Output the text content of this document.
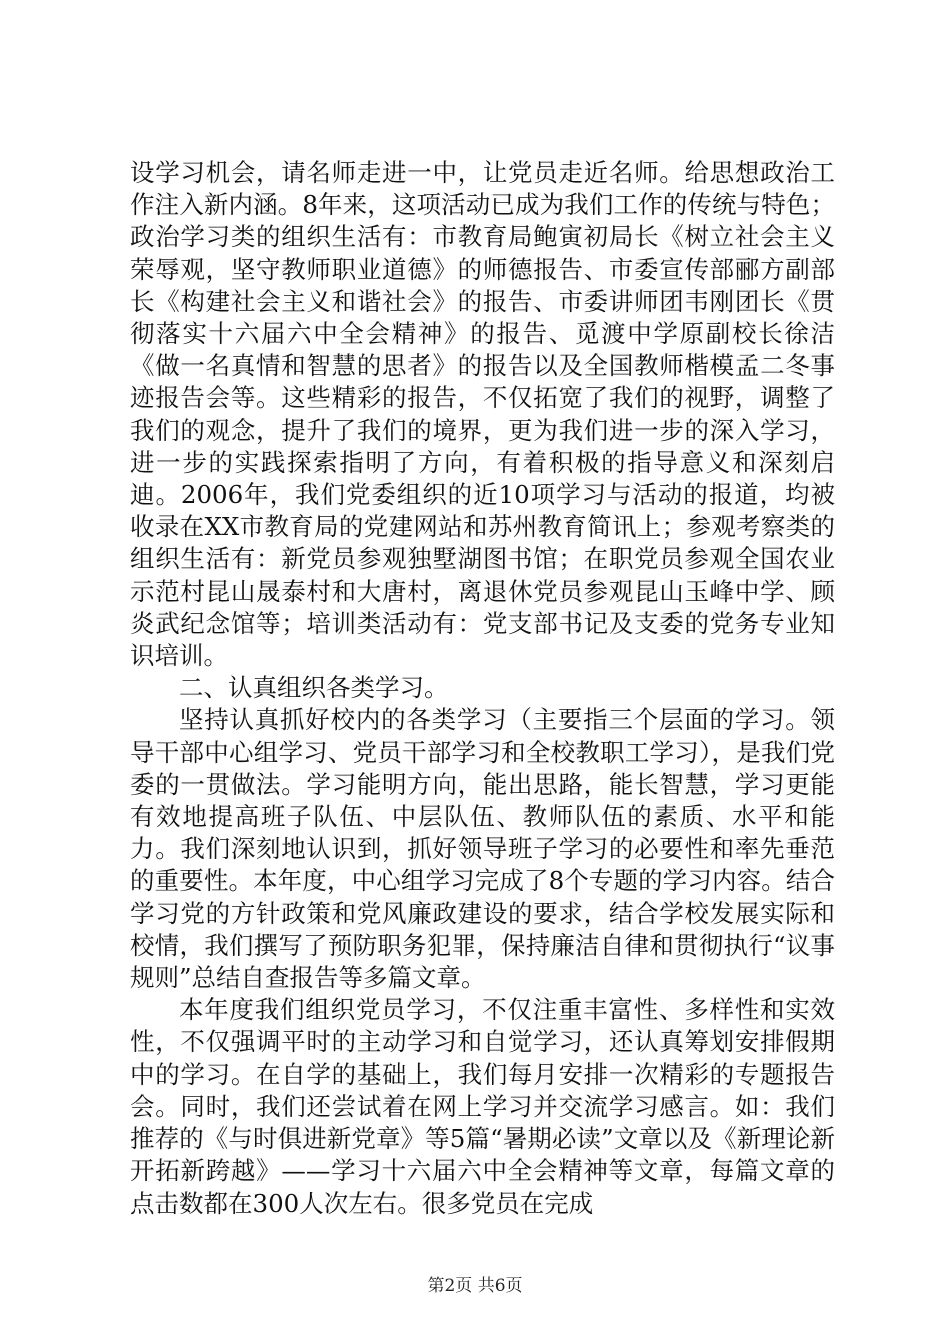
设学习机会，请名师走进一中，让党员走近名师。给思想政治工作注入新内涵。8年来，这项活动已成为我们工作的传统与特色；政治学习类的组织生活有：市教育局鲍寅初局长《树立社会主义荣辱观，坚守教师职业道德》的师德报告、市委宣传部郦方副部长《构建社会主义和谐社会》的报告、市委讲师团韦刚团长《贯彻落实十六届六中全会精神》的报告、觅渡中学原副校长徐洁《做一名真情和智慧的思者》的报告以及全国教师楷模孟二冬事迹报告会等。这些精彩的报告，不仅拓宽了我们的视野，调整了我们的观念，提升了我们的境界，更为我们进一步的深入学习，进一步的实践探索指明了方向，有着积极的指导意义和深刻启迪。2006年，我们党委组织的近10项学习与活动的报道，均被收录在XX市教育局的党建网站和苏州教育简讯上；参观考察类的组织生活有：新党员参观独墅湖图书馆；在职党员参观全国农业示范村昆山晟泰村和大唐村，离退休党员参观昆山玉峰中学、顾炎武纪念馆等；培训类活动有：党支部书记及支委的党务专业知识培训。

二、认真组织各类学习。

坚持认真抓好校内的各类学习（主要指三个层面的学习。领导干部中心组学习、党员干部学习和全校教职工学习），是我们党委的一贯做法。学习能明方向，能出思路，能长智慧，学习更能有效地提高班子队伍、中层队伍、教师队伍的素质、水平和能力。我们深刻地认识到，抓好领导班子学习的必要性和率先垂范的重要性。本年度，中心组学习完成了8个专题的学习内容。结合学习党的方针政策和党风廉政建设的要求，结合学校发展实际和校情，我们撰写了预防职务犯罪，保持廉洁自律和贯彻执行“议事规则”总结自查报告等多篇文章。

本年度我们组织党员学习，不仅注重丰富性、多样性和实效性，不仅强调平时的主动学习和自觉学习，还认真筹划安排假期中的学习。在自学的基础上，我们每月安排一次精彩的专题报告会。同时，我们还尝试着在网上学习并交流学习感言。如：我们推荐的《与时俱进新党章》等5篇“暑期必读”文章以及《新理论新开拓新跨越》——学习十六届六中全会精神等文章，每篇文章的点击数都在300人次左右。很多党员在完成

第2页 共6页
